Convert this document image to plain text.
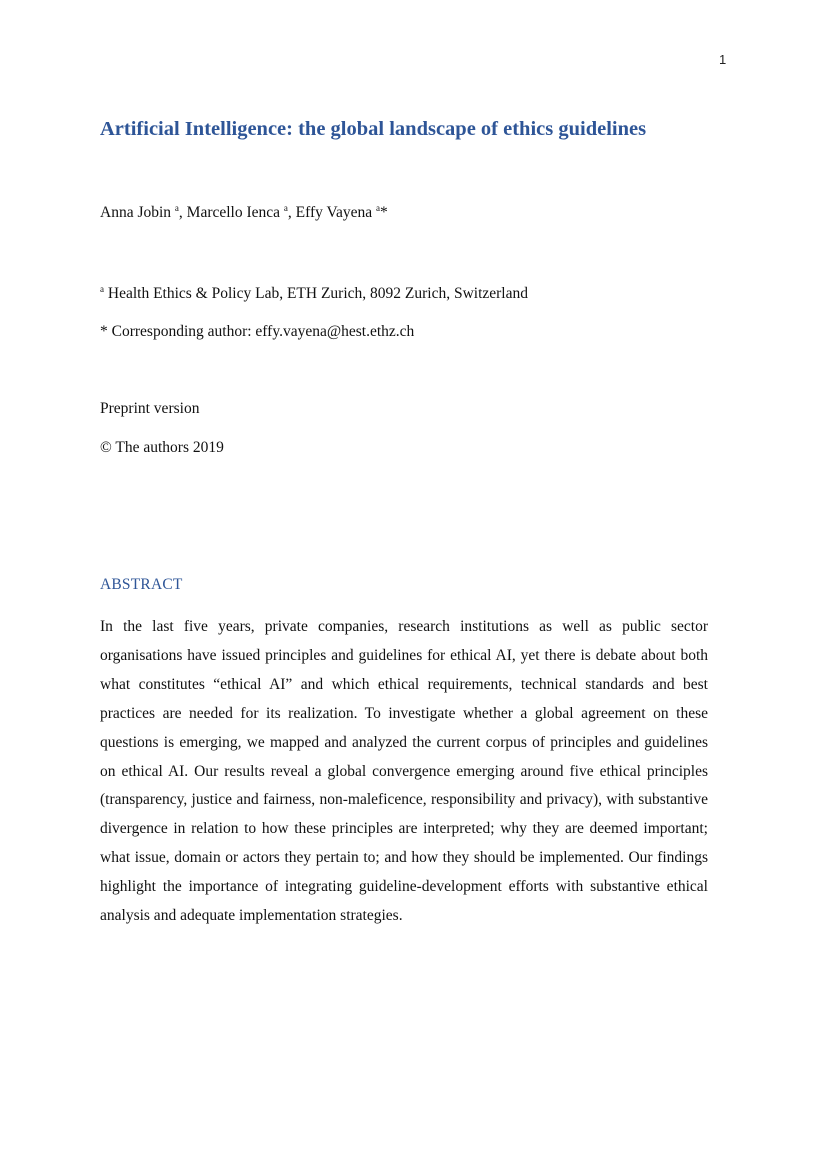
1
Artificial Intelligence: the global landscape of ethics guidelines
Anna Jobin $^a$, Marcello Ienca $^a$, Effy Vayena $^a$*
$^a$ Health Ethics & Policy Lab, ETH Zurich, 8092 Zurich, Switzerland
* Corresponding author: effy.vayena@hest.ethz.ch
Preprint version
© The authors 2019
ABSTRACT

In the last five years, private companies, research institutions as well as public sector organisations have issued principles and guidelines for ethical AI, yet there is debate about both what constitutes “ethical AI” and which ethical requirements, technical standards and best practices are needed for its realization. To investigate whether a global agreement on these questions is emerging, we mapped and analyzed the current corpus of principles and guidelines on ethical AI. Our results reveal a global convergence emerging around five ethical principles (transparency, justice and fairness, non-maleficence, responsibility and privacy), with substantive divergence in relation to how these principles are interpreted; why they are deemed important; what issue, domain or actors they pertain to; and how they should be implemented. Our findings highlight the importance of integrating guideline-development efforts with substantive ethical analysis and adequate implementation strategies.
